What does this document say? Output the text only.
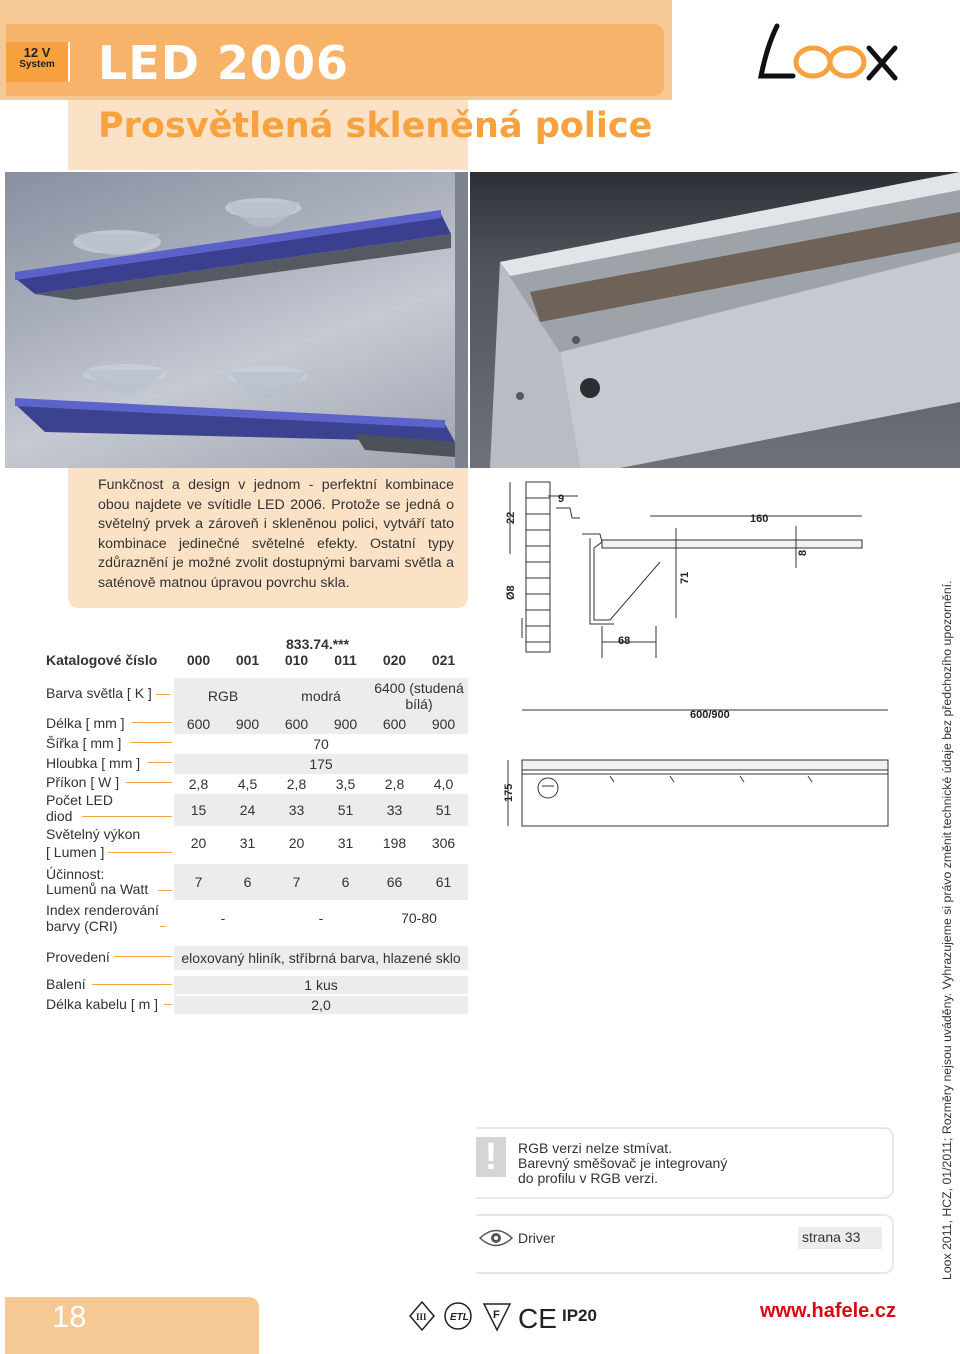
12 V
System LED 2006
Prosvětlená skleněná police
Funkčnost a design v jednom - perfektní kombinace obou najdete ve svítidle LED 2006. Protože se jedná o světelný prvek a zároveň i skleněnou polici, vytváří tato kombinace jedinečné světelné efekty. Ostatní typy zdůraznění je možné zvolit dostupnými barvami světla a saténově matnou úpravou povrchu skla.
22
9
160
8
71
Ø8
68
600/900
175
833.74.***
Katalogové číslo	000	001	010	011	020	021
Barva světla [ K ]	RGB	modrá	6400 (studená bílá)
Délka [ mm ]	600	900	600	900	600	900
Šířka [ mm ]	70
Hloubka [ mm ]	175
Příkon [ W ]	2,8	4,5	2,8	3,5	2,8	4,0
Počet LED
diod	15	24	33	51	33	51
Světelný výkon
[ Lumen ]
20	31	20	31	198	306
Účinnost:
Lumenů na Watt	7	6	7	6	66	61
Index renderování
barvy (CRI)	-	-	70-80
Provedení	eloxovaný hliník, stříbrná barva, hlazené sklo
Balení	1 kus
Délka kabelu [ m ]	2,0
!	RGB verzi nelze stmívat.
Barevný směšovač je integrovaný
do profilu v RGB verzi.
Driver	strana 33	Loox 2011, HCZ, 01/2011; Rozměry nejsou uváděny. Vyhrazujeme si právo změnit technické údaje bez předchozího upozornění.
18	III ETL F CE IP20	www.hafele.cz
